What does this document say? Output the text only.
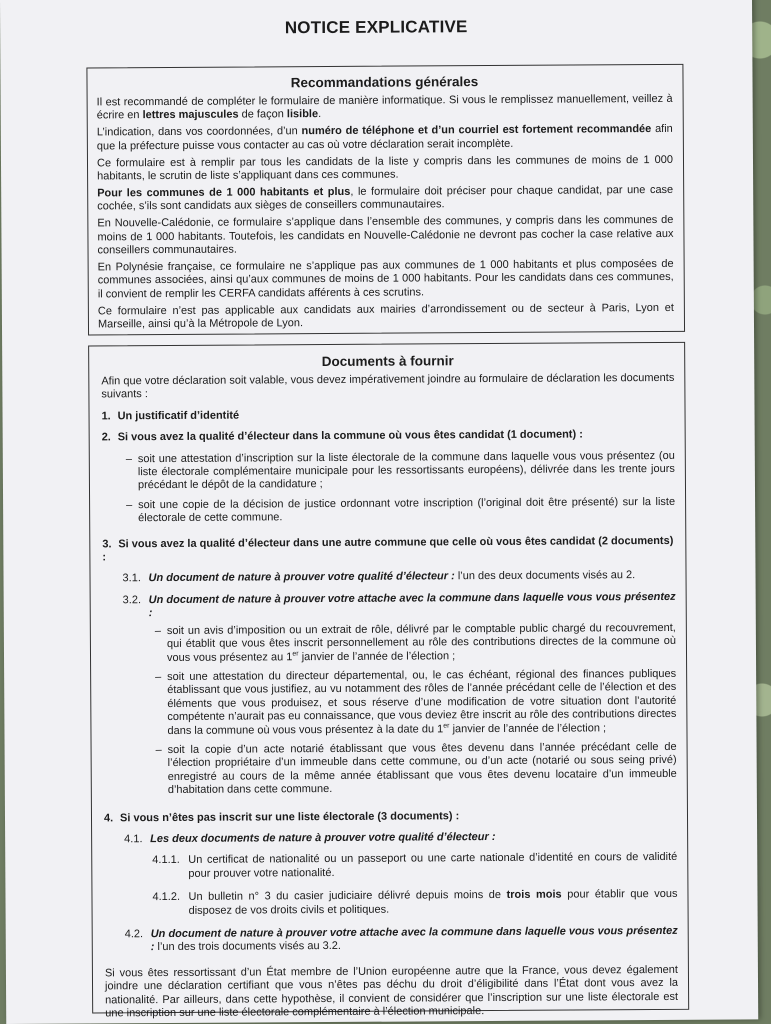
NOTICE EXPLICATIVE
Recommandations générales

Il est recommandé de compléter le formulaire de manière informatique. Si vous le remplissez manuellement, veillez à écrire en lettres majuscules de façon lisible.

L’indication, dans vos coordonnées, d’un numéro de téléphone et d’un courriel est fortement recommandée afin que la préfecture puisse vous contacter au cas où votre déclaration serait incomplète.

Ce formulaire est à remplir par tous les candidats de la liste y compris dans les communes de moins de 1 000 habitants, le scrutin de liste s’appliquant dans ces communes.

Pour les communes de 1 000 habitants et plus, le formulaire doit préciser pour chaque candidat, par une case cochée, s’ils sont candidats aux sièges de conseillers communautaires.

En Nouvelle-Calédonie, ce formulaire s’applique dans l’ensemble des communes, y compris dans les communes de moins de 1 000 habitants. Toutefois, les candidats en Nouvelle-Calédonie ne devront pas cocher la case relative aux conseillers communautaires.

En Polynésie française, ce formulaire ne s’applique pas aux communes de 1 000 habitants et plus composées de communes associées, ainsi qu’aux communes de moins de 1 000 habitants. Pour les candidats dans ces communes, il convient de remplir les CERFA candidats afférents à ces scrutins.

Ce formulaire n’est pas applicable aux candidats aux mairies d’arrondissement ou de secteur à Paris, Lyon et Marseille, ainsi qu’à la Métropole de Lyon.

Documents à fournir

Afin que votre déclaration soit valable, vous devez impérativement joindre au formulaire de déclaration les documents suivants :

1. Un justificatif d’identité
2. Si vous avez la qualité d’électeur dans la commune où vous êtes candidat (1 document) :

– soit une attestation d’inscription sur la liste électorale de la commune dans laquelle vous vous présentez (ou liste électorale complémentaire municipale pour les ressortissants européens), délivrée dans les trente jours précédant le dépôt de la candidature ;

– soit une copie de la décision de justice ordonnant votre inscription (l’original doit être présenté) sur la liste électorale de cette commune.

3. Si vous avez la qualité d’électeur dans une autre commune que celle où vous êtes candidat (2 documents) :

3.1. Un document de nature à prouver votre qualité d’électeur : l’un des deux documents visés au 2.

3.2. Un document de nature à prouver votre attache avec la commune dans laquelle vous vous présentez :

– soit un avis d’imposition ou un extrait de rôle, délivré par le comptable public chargé du recouvrement, qui établit que vous êtes inscrit personnellement au rôle des contributions directes de la commune où vous vous présentez au 1er janvier de l’année de l’élection ;

– soit une attestation du directeur départemental, ou, le cas échéant, régional des finances publiques établissant que vous justifiez, au vu notamment des rôles de l’année précédant celle de l’élection et des éléments que vous produisez, et sous réserve d’une modification de votre situation dont l’autorité compétente n’aurait pas eu connaissance, que vous deviez être inscrit au rôle des contributions directes dans la commune où vous vous présentez à la date du 1er janvier de l’année de l’élection ;

– soit la copie d’un acte notarié établissant que vous êtes devenu dans l’année précédant celle de l’élection propriétaire d’un immeuble dans cette commune, ou d’un acte (notarié ou sous seing privé) enregistré au cours de la même année établissant que vous êtes devenu locataire d’un immeuble d’habitation dans cette commune.

4. Si vous n’êtes pas inscrit sur une liste électorale (3 documents) :

4.1. Les deux documents de nature à prouver votre qualité d’électeur :

4.1.1. Un certificat de nationalité ou un passeport ou une carte nationale d’identité en cours de validité pour prouver votre nationalité.

4.1.2. Un bulletin n° 3 du casier judiciaire délivré depuis moins de trois mois pour établir que vous disposez de vos droits civils et politiques.

4.2. Un document de nature à prouver votre attache avec la commune dans laquelle vous vous présentez : l’un des trois documents visés au 3.2.

Si vous êtes ressortissant d’un État membre de l’Union européenne autre que la France, vous devez également joindre une déclaration certifiant que vous n’êtes pas déchu du droit d’éligibilité dans l’État dont vous avez la nationalité. Par ailleurs, dans cette hypothèse, il convient de considérer que l’inscription sur une liste électorale est une inscription sur une liste électorale complémentaire à l’élection municipale.
